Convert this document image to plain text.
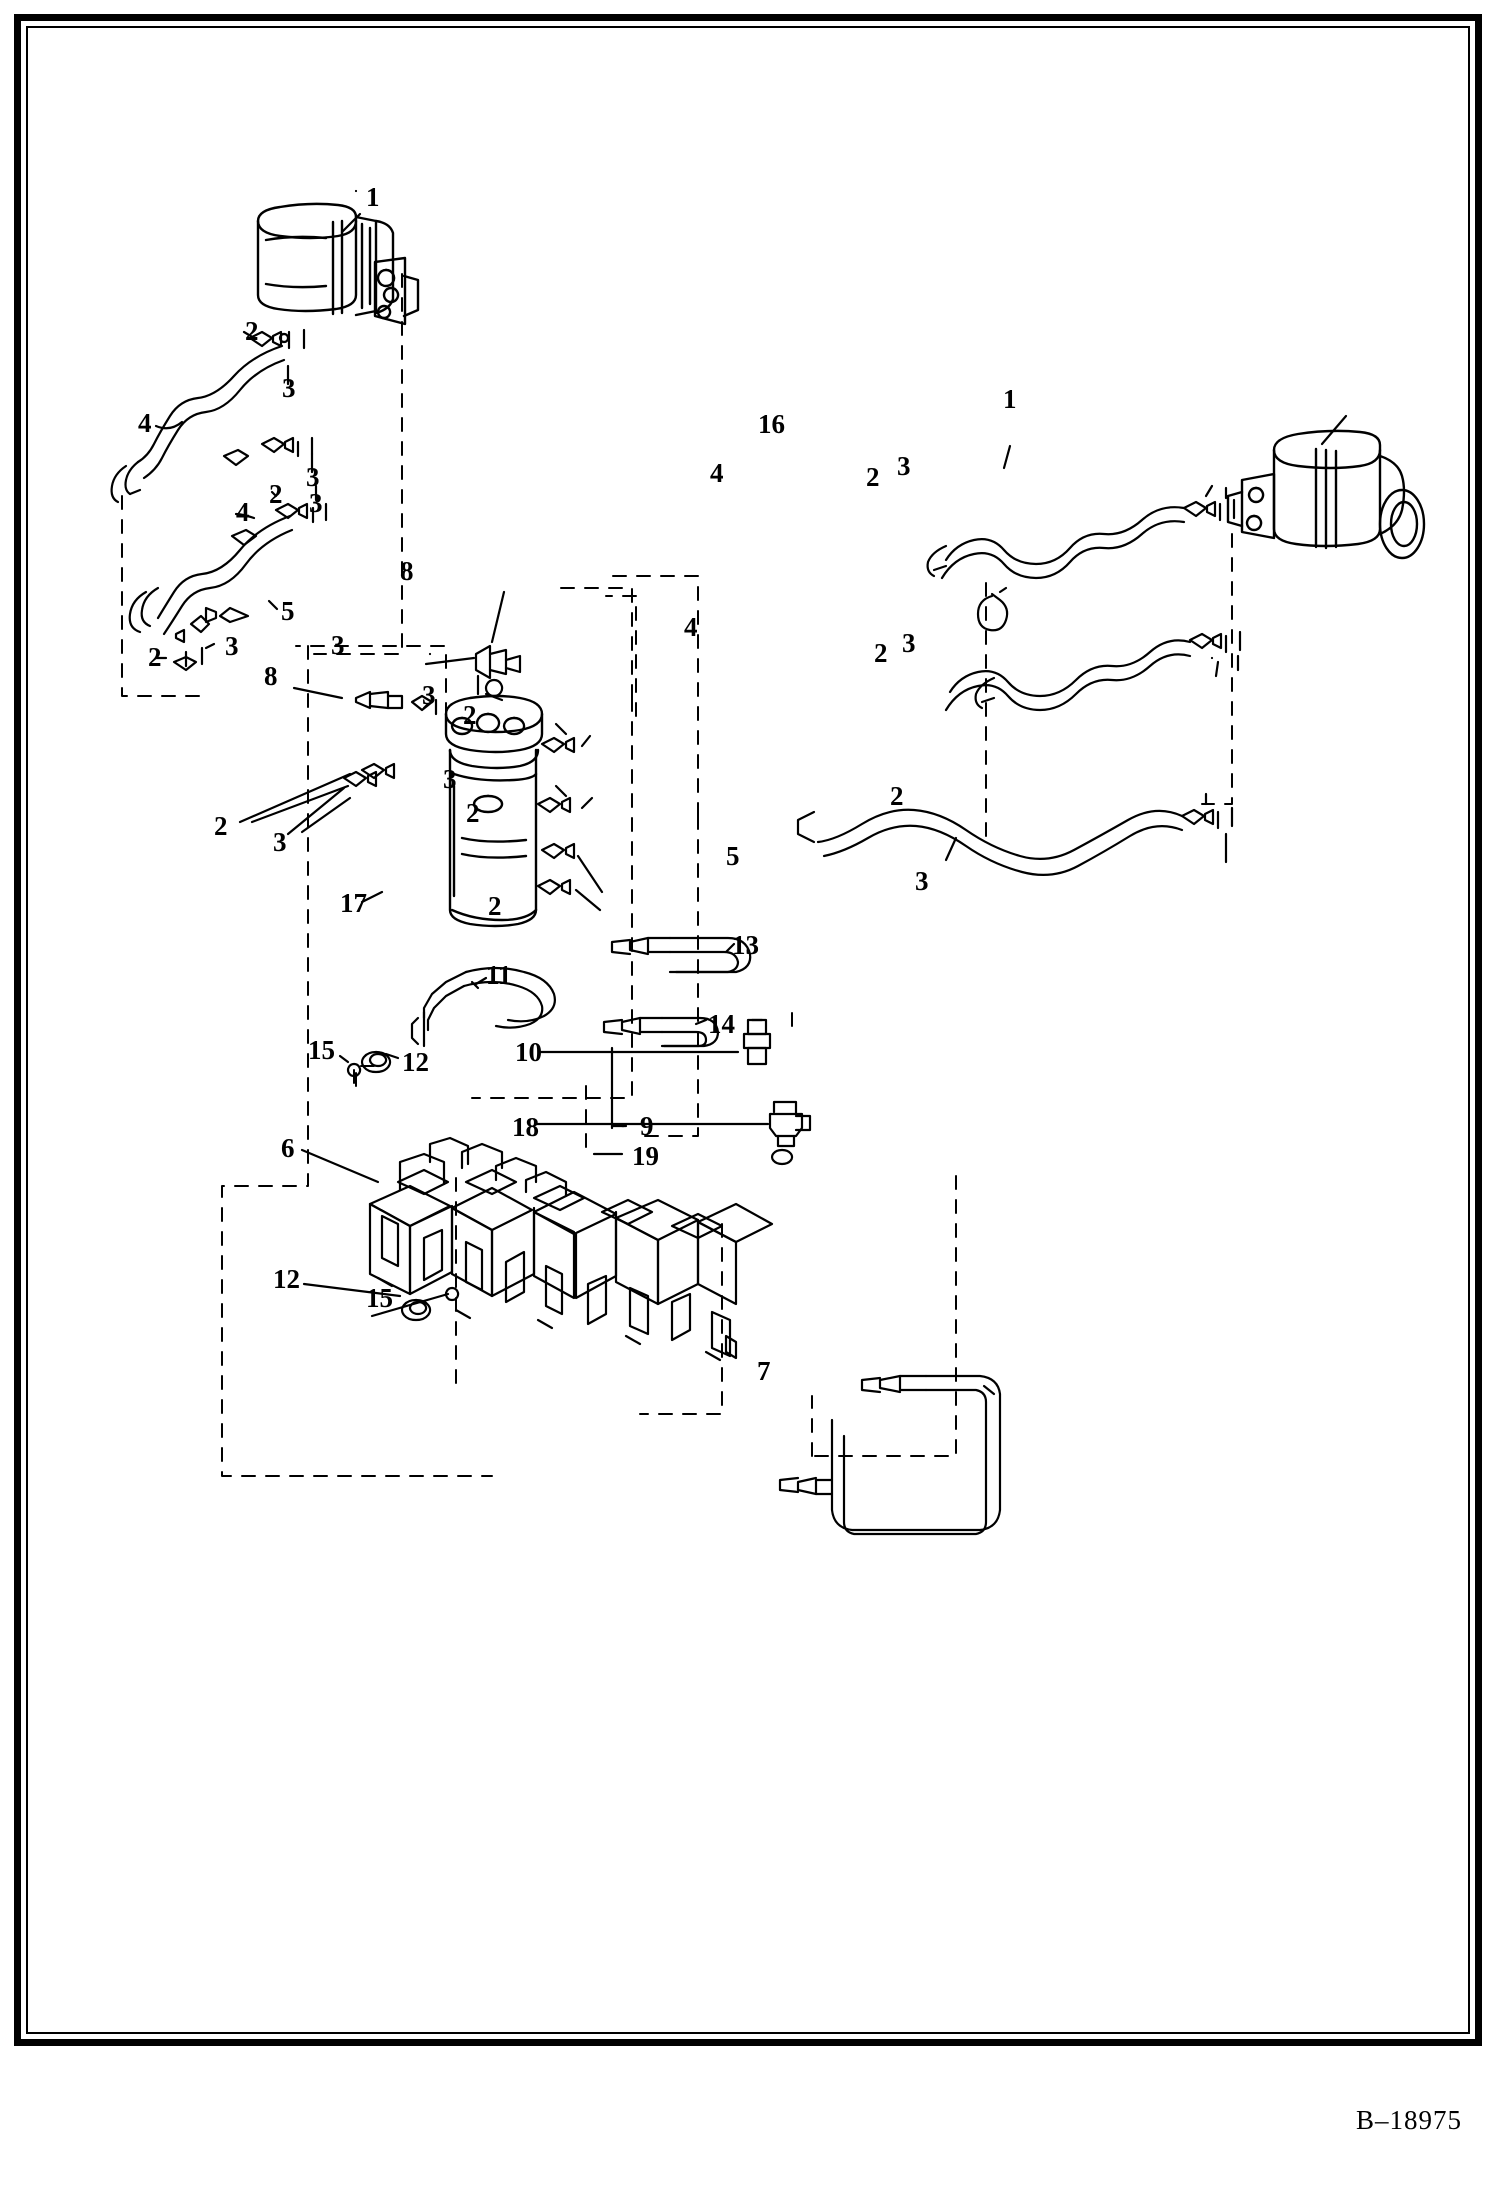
1
2
3
4
3
4
2 3
5
2 3
8
8
3
3
2
3
2
2
3
2
17
16
4	2 3
1
4
2 3
2
5
3
13
11
15 12	10
14
18	9
19
6
12
15
7
B–18975
